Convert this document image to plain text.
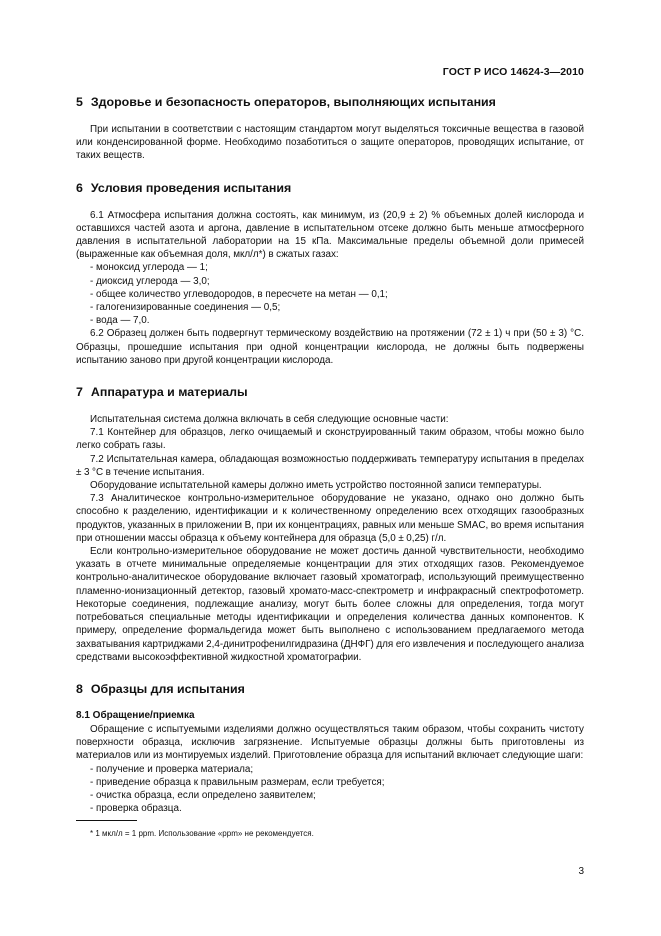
ГОСТ Р ИСО 14624-3—2010
5 Здоровье и безопасность операторов, выполняющих испытания

При испытании в соответствии с настоящим стандартом могут выделяться токсичные вещества в газовой или конденсированной форме. Необходимо позаботиться о защите операторов, проводящих испытание, от таких веществ.

6 Условия проведения испытания

6.1 Атмосфера испытания должна состоять, как минимум, из (20,9 ± 2) % объемных долей кислорода и оставшихся частей азота и аргона, давление в испытательном отсеке должно быть меньше атмосферного давления в испытательной лаборатории на 15 кПа. Максимальные пределы объемной доли примесей (выраженные как объемная доля, мкл/л*) в сжатых газах:

- моноксид углерода — 1;

- диоксид углерода — 3,0;

- общее количество углеводородов, в пересчете на метан — 0,1;

- галогенизированные соединения — 0,5;

- вода — 7,0.

6.2 Образец должен быть подвергнут термическому воздействию на протяжении (72 ± 1) ч при (50 ± 3) °С. Образцы, прошедшие испытания при одной концентрации кислорода, не должны быть подвержены испытанию заново при другой концентрации кислорода.

7 Аппаратура и материалы

Испытательная система должна включать в себя следующие основные части:

7.1 Контейнер для образцов, легко очищаемый и сконструированный таким образом, чтобы можно было легко собрать газы.

7.2 Испытательная камера, обладающая возможностью поддерживать температуру испытания в пределах ± 3 °С в течение испытания.

Оборудование испытательной камеры должно иметь устройство постоянной записи температуры.

7.3 Аналитическое контрольно-измерительное оборудование не указано, однако оно должно быть способно к разделению, идентификации и к количественному определению всех отходящих газообразных продуктов, указанных в приложении В, при их концентрациях, равных или меньше SMAC, во время испытания при отношении массы образца к объему контейнера для образца (5,0 ± 0,25) г/л.

Если контрольно-измерительное оборудование не может достичь данной чувствительности, необходимо указать в отчете минимальные определяемые концентрации для этих отходящих газов. Рекомендуемое контрольно-аналитическое оборудование включает газовый хроматограф, использующий преимущественно пламенно-ионизационный детектор, газовый хромато-масс-спектрометр и инфракрасный спектрофотометр. Некоторые соединения, подлежащие анализу, могут быть более сложны для определения, тогда могут потребоваться специальные методы идентификации и определения количества данных компонентов. К примеру, определение формальдегида может быть выполнено с использованием предлагаемого метода захватывания картриджами 2,4-динитрофенилгидразина (ДНФГ) для его извлечения и последующего анализа средствами высокоэффективной жидкостной хроматографии.

8 Образцы для испытания
8.1 Обращение/приемка

Обращение с испытуемыми изделиями должно осуществляться таким образом, чтобы сохранить чистоту поверхности образца, исключив загрязнение. Испытуемые образцы должны быть приготовлены из материалов или из монтируемых изделий. Приготовление образца для испытаний включает следующие шаги:

- получение и проверка материала;

- приведение образца к правильным размерам, если требуется;

- очистка образца, если определено заявителем;

- проверка образца.

* 1 мкл/л = 1 ppm. Использование «ppm» не рекомендуется.

3
